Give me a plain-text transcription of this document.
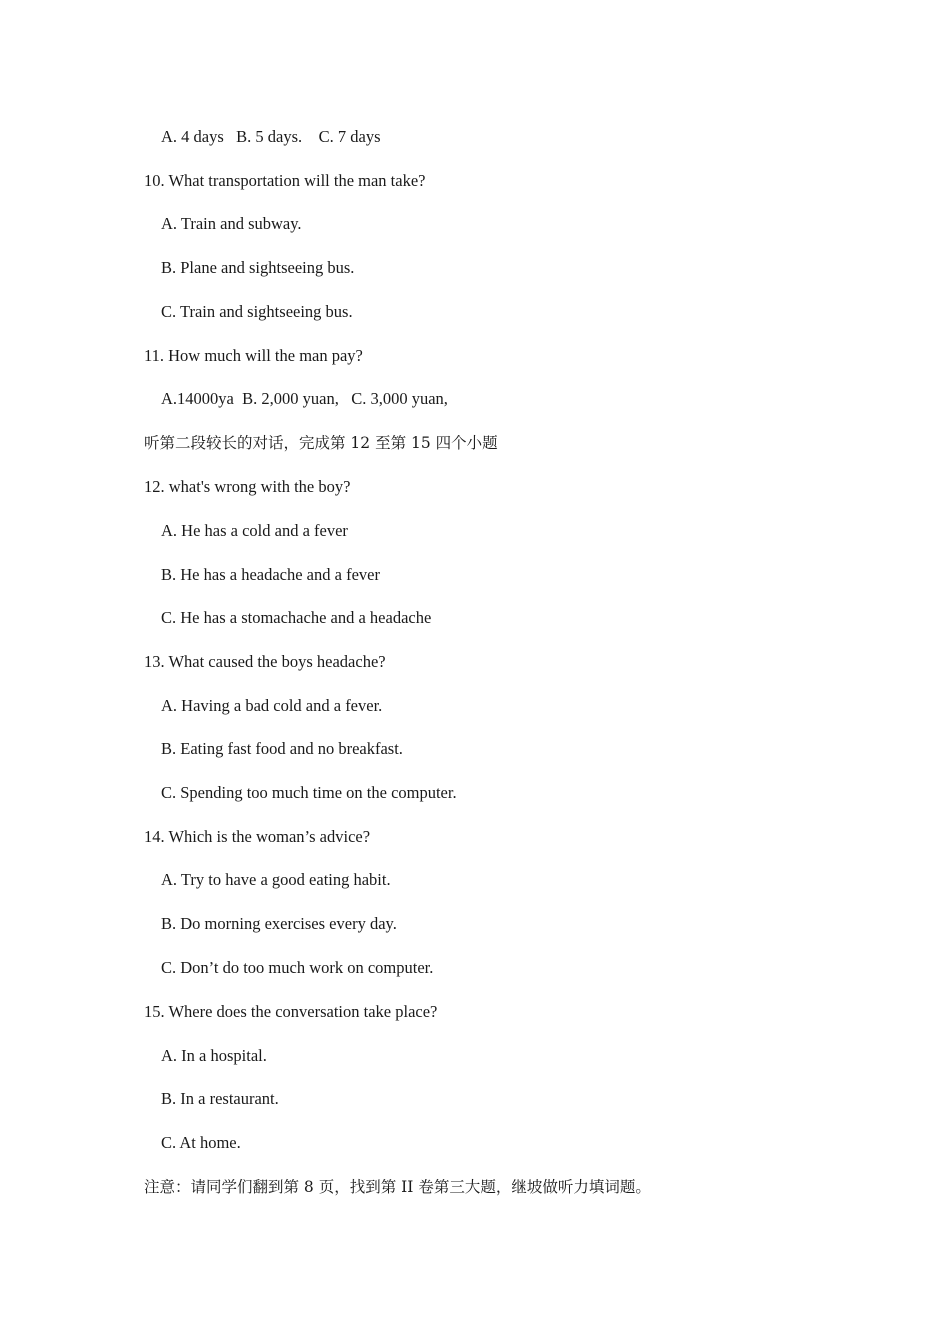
A. 4 days   B. 5 days.    C. 7 days
10. What transportation will the man take?
A. Train and subway.
B. Plane and sightseeing bus.
C. Train and sightseeing bus.
11. How much will the man pay?
A.14000ya  B. 2,000 yuan,   C. 3,000 yuan,
听第二段较长的对话，完成第 12 至第 15 四个小题
12. what's wrong with the boy?
A. He has a cold and a fever
B. He has a headache and a fever
C. He has a stomachache and a headache
13. What caused the boys headache?
A. Having a bad cold and a fever.
B. Eating fast food and no breakfast.
C. Spending too much time on the computer.
14. Which is the woman’s advice?
A. Try to have a good eating habit.
B. Do morning exercises every day.
C. Don’t do too much work on computer.
15. Where does the conversation take place?
A. In a hospital.
B. In a restaurant.
C. At home.
注意：请同学们翻到第 8 页，找到第 II 卷第三大题，继坡做听力填词题。
